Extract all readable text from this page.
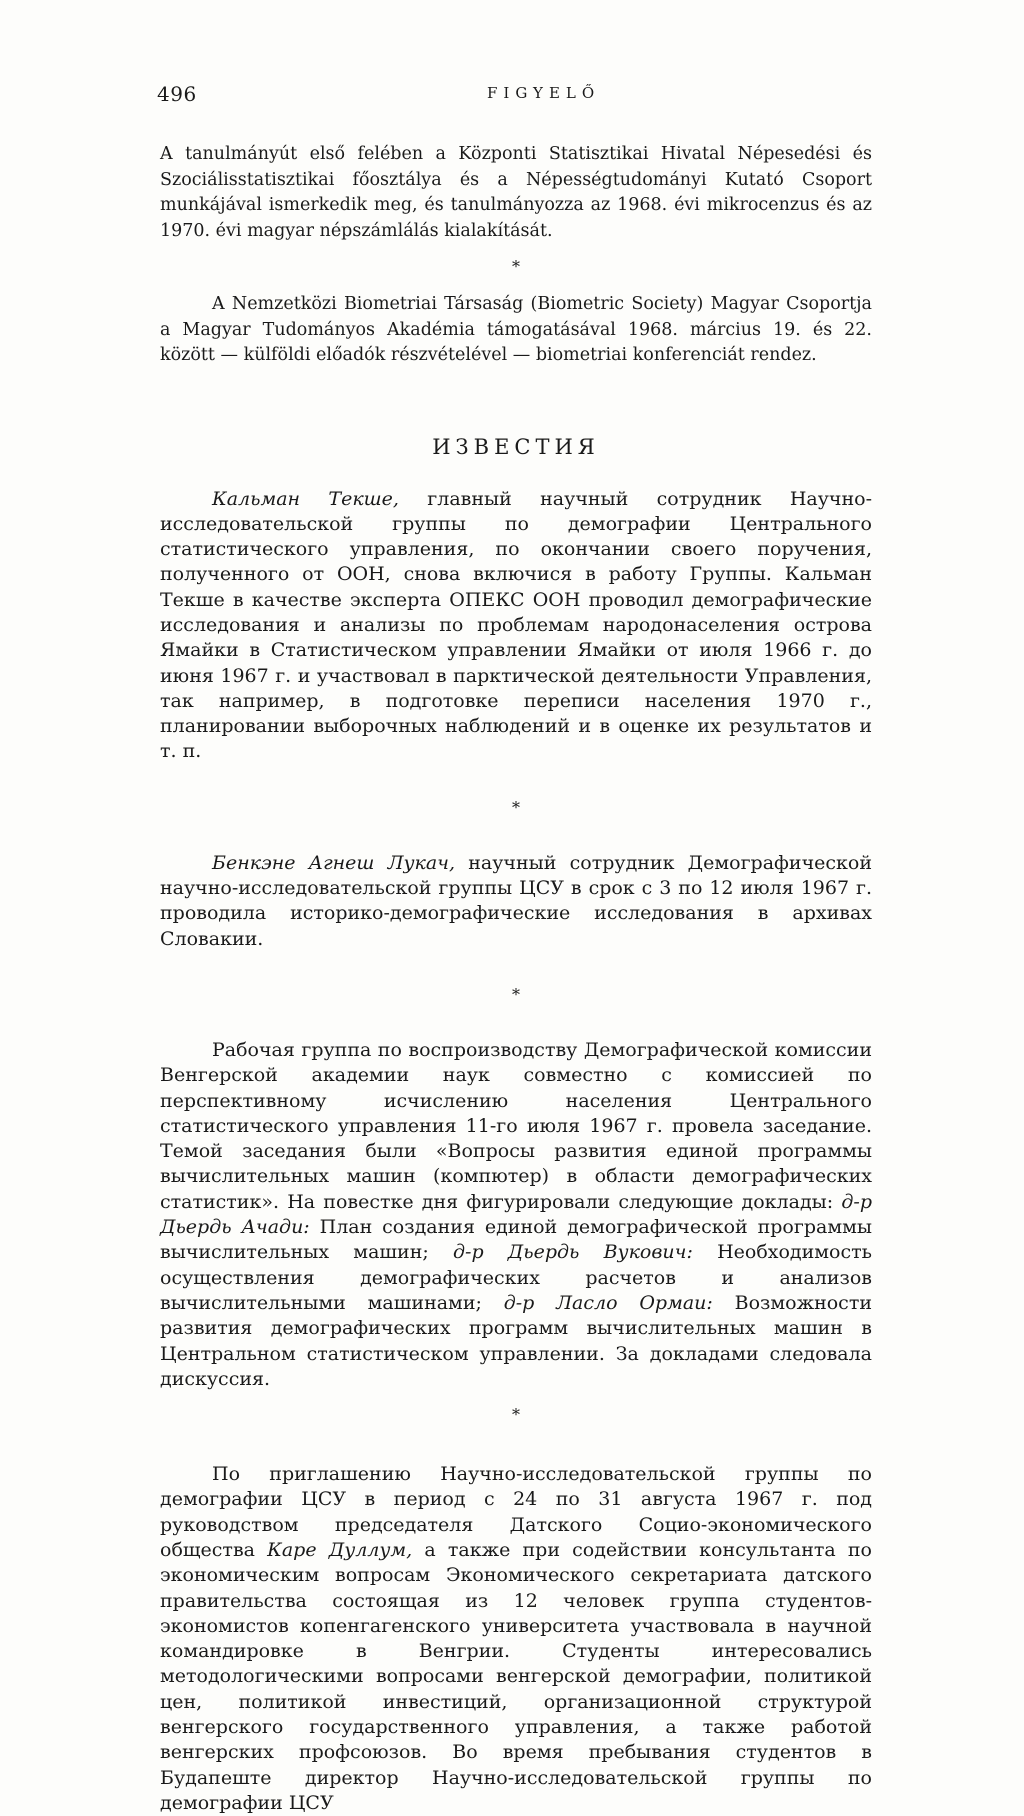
496	FIGYELŐ

A tanulmányút első felében a Központi Statisztikai Hivatal Népesedési és Szociálisstatisztikai főosztálya és a Népességtudományi Kutató Csoport munkájával ismerkedik meg, és tanulmányozza az 1968. évi mikrocenzus és az 1970. évi magyar népszámlálás kialakítását.

*

A Nemzetközi Biometriai Társaság (Biometric Society) Magyar Csoportja a Magyar Tudományos Akadémia támogatásával 1968. március 19. és 22. között — külföldi előadók részvételével — biometriai konferenciát rendez.

ИЗВЕСТИЯ

Кальман Текше, главный научный сотрудник Научно-исследовательской группы по демографии Центрального статистического управления, по окончании своего поручения, полученного от ООН, снова включися в работу Группы. Кальман Текше в качестве эксперта ОПЕКС ООН проводил демографические исследования и анализы по проблемам народонаселения острова Ямайки в Статистическом управлении Ямайки от июля 1966 г. до июня 1967 г. и участвовал в парктической деятельности Управления, так например, в подготовке переписи населения 1970 г., планировании выборочных наблюдений и в оценке их результатов и т. п.

*

Бенкэне Агнеш Лукач, научный сотрудник Демографической научно-исследовательской группы ЦСУ в срок с 3 по 12 июля 1967 г. проводила историко-демографические исследования в архивах Словакии.

*

Рабочая группа по воспроизводству Демографической комиссии Венгерской академии наук совместно с комиссией по перспективному исчислению населения Центрального статистического управления 11-го июля 1967 г. провела заседание. Темой заседания были «Вопросы развития единой программы вычислительных машин (компютер) в области демографических статистик». На повестке дня фигурировали следующие доклады: д-р Дьердь Ачади: План создания единой демографической программы вычислительных машин; д-р Дьердь Вукович: Необходимость осуществления демографических расчетов и анализов вычислительными машинами; д-р Ласло Ормаи: Возможности развития демографических программ вычислительных машин в Центральном статистическом управлении. За докладами следовала дискуссия.

*

По приглашению Научно-исследовательской группы по демографии ЦСУ в период с 24 по 31 августа 1967 г. под руководством председателя Датского Социо-экономического общества Каре Дуллум, а также при содействии консультанта по экономическим вопросам Экономического секретариата датского правительства состоящая из 12 человек группа студентов-экономистов копенгагенского университета участвовала в научной командировке в Венгрии. Студенты интересовались методологическими вопросами венгерской демографии, политикой цен, политикой инвестиций, организационной структурой венгерского государственного управления, а также работой венгерских профсоюзов. Во время пребывания студентов в Будапеште директор Научно-исследовательской группы по демографии ЦСУ
